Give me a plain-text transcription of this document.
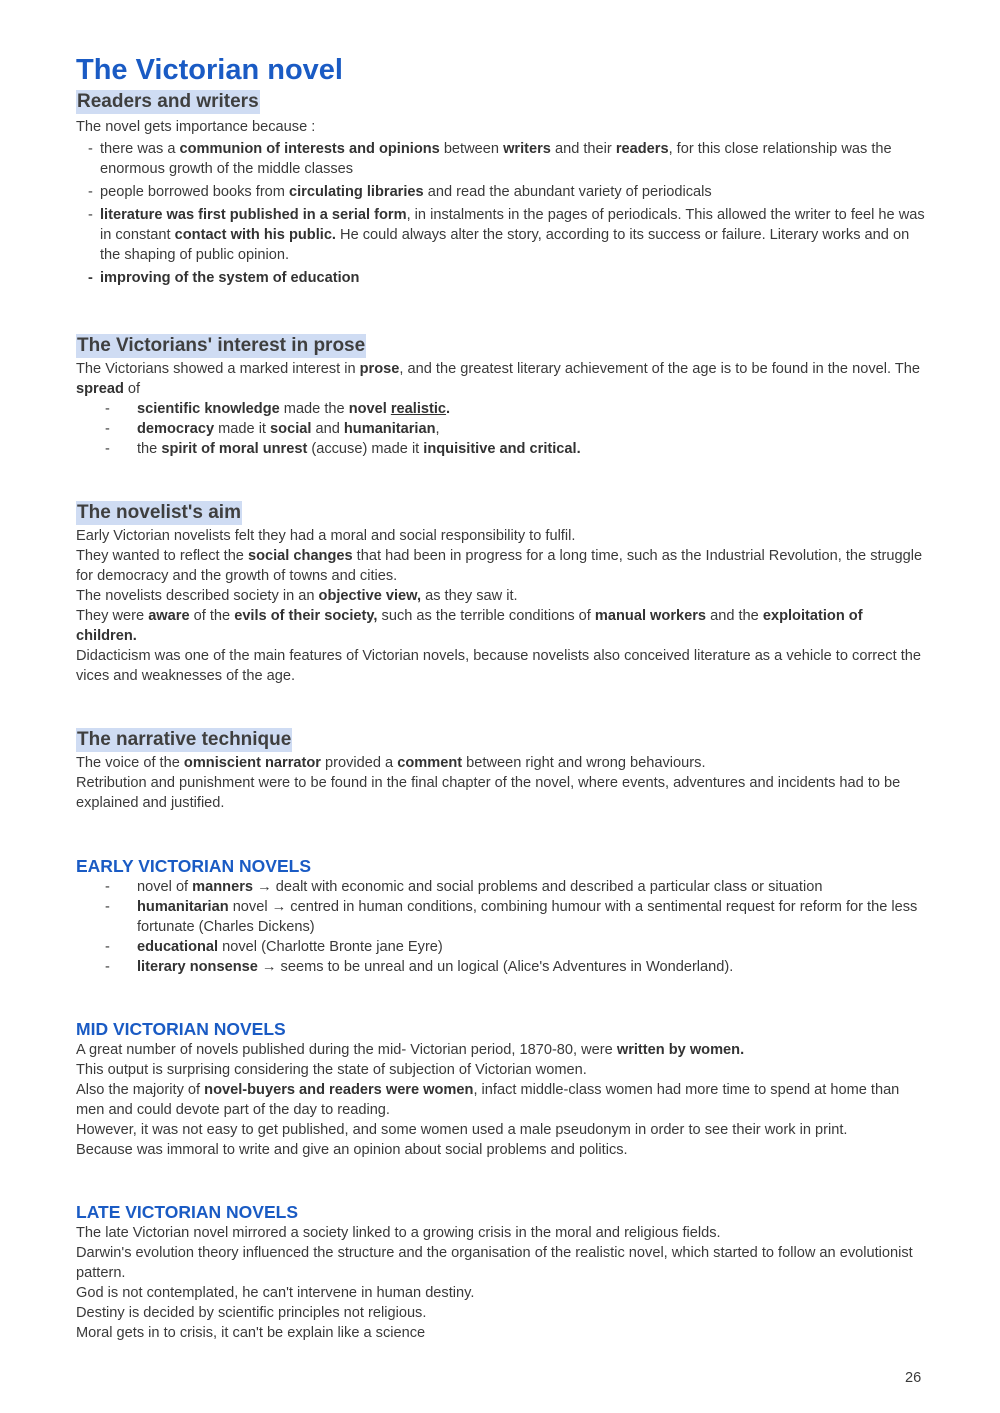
The Victorian novel
Readers and writers

The novel gets importance because :

- there was a communion of interests and opinions between writers and their readers, for this close relationship was the enormous growth of the middle classes
- people borrowed books from circulating libraries and read the abundant variety of periodicals
- literature was first published in a serial form, in instalments in the pages of periodicals. This allowed the writer to feel he was in constant contact with his public. He could always alter the story, according to its success or failure. Literary works and on the shaping of public opinion.
- improving of the system of education
The Victorians' interest in prose

The Victorians showed a marked interest in prose, and the greatest literary achievement of the age is to be found in the novel. The spread of

- scientific knowledge made the novel realistic.
- democracy made it social and humanitarian,
- the spirit of moral unrest (accuse) made it inquisitive and critical.
The novelist's aim

Early Victorian novelists felt they had a moral and social responsibility to fulfil.

They wanted to reflect the social changes that had been in progress for a long time, such as the Industrial Revolution, the struggle for democracy and the growth of towns and cities.

The novelists described society in an objective view, as they saw it.

They were aware of the evils of their society, such as the terrible conditions of manual workers and the exploitation of children.

Didacticism was one of the main features of Victorian novels, because novelists also conceived literature as a vehicle to correct the vices and weaknesses of the age.

The narrative technique

The voice of the omniscient narrator provided a comment between right and wrong behaviours.

Retribution and punishment were to be found in the final chapter of the novel, where events, adventures and incidents had to be explained and justified.

EARLY VICTORIAN NOVELS
- novel of manners → dealt with economic and social problems and described a particular class or situation
- humanitarian novel → centred in human conditions, combining humour with a sentimental request for reform for the less fortunate (Charles Dickens)
- educational novel (Charlotte Bronte jane Eyre)
- literary nonsense → seems to be unreal and un logical (Alice's Adventures in Wonderland).
MID VICTORIAN NOVELS

A great number of novels published during the mid- Victorian period, 1870-80, were written by women.

This output is surprising considering the state of subjection of Victorian women.

Also the majority of novel-buyers and readers were women, infact middle-class women had more time to spend at home than men and could devote part of the day to reading.

However, it was not easy to get published, and some women used a male pseudonym in order to see their work in print.

Because was immoral to write and give an opinion about social problems and politics.

LATE VICTORIAN NOVELS

The late Victorian novel mirrored a society linked to a growing crisis in the moral and religious fields.

Darwin's evolution theory influenced the structure and the organisation of the realistic novel, which started to follow an evolutionist pattern.

God is not contemplated, he can't intervene in human destiny.

Destiny is decided by scientific principles not religious.

Moral gets in to crisis, it can't be explain like a science

26
